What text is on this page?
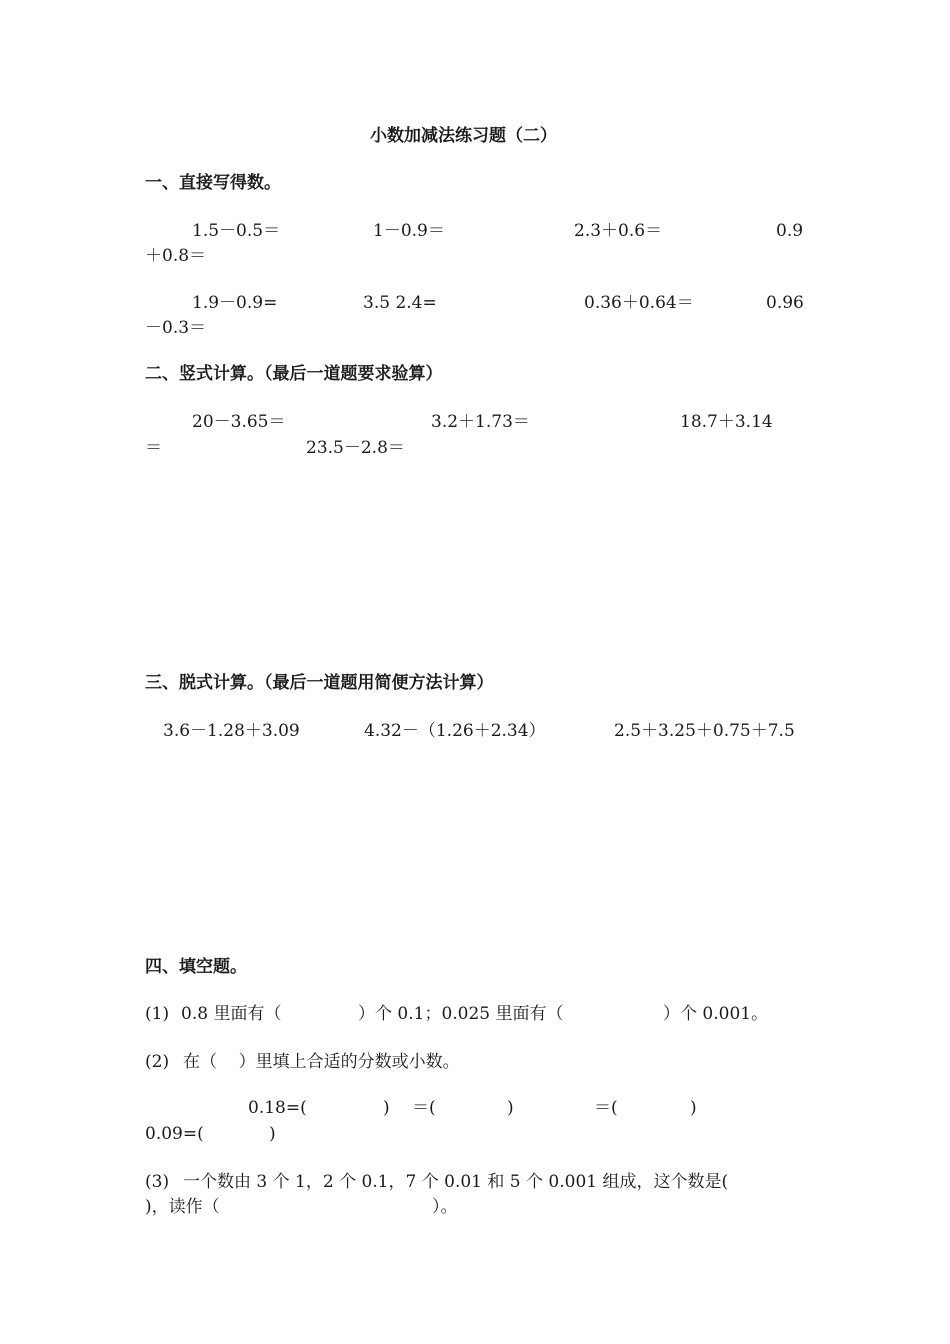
小数加减法练习题（二）
一、直接写得数。
1.5－0.5＝	1－0.9＝	2.3＋0.6＝	0.9
＋0.8＝
1.9－0.9=	3.5 2.4=	0.36＋0.64＝	0.96
－0.3＝
二、竖式计算。（最后一道题要求验算）
20－3.65＝	3.2＋1.73＝	18.7＋3.14
＝	23.5－2.8＝
三、脱式计算。（最后一道题用简便方法计算）
3.6－1.28＋3.09	4.32－（1.26＋2.34）	2.5＋3.25＋0.75＋7.5
四、填空题。
(1) 0.8 里面有（	）个 0.1；0.025 里面有（	）个 0.001。
(2) 在（    ）里填上合适的分数或小数。
0.18=(	) ＝(	)	＝(	)
0.09=(	)
(3) 一个数由 3 个 1，2 个 0.1，7 个 0.01 和 5 个 0.001 组成，这个数是(
)，读作（	）。
